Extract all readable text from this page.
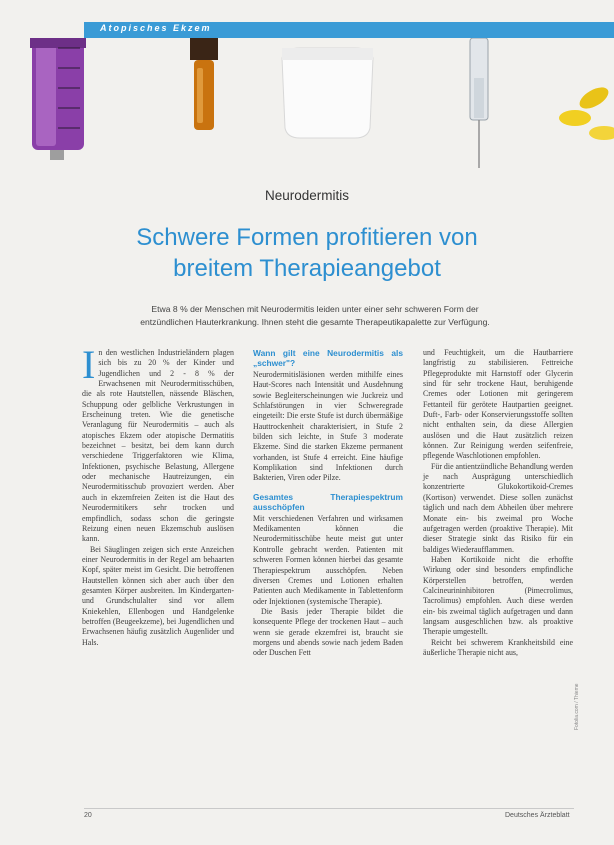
Atopisches Ekzem
Neurodermitis
Schwere Formen profitieren von
breitem Therapieangebot
Etwa 8 % der Menschen mit Neurodermitis leiden unter einer sehr schweren Form der
entzündlichen Hauterkrankung. Ihnen steht die gesamte Therapeutikapalette zur Verfügung.
I n den westlichen Industrieländern plagen sich bis zu 20 % der Kinder und Jugendlichen und 2 - 8 % der Erwachsenen mit Neurodermitisschüben, die als rote Hautstellen, nässende Bläschen, Schuppung oder gelbliche Verkrustungen in Erscheinung treten. Wie die genetische Veranlagung für Neurodermitis – auch als atopisches Ekzem oder atopische Dermatitis bezeichnet – besitzt, bei dem kann durch verschiedene Triggerfaktoren wie Klima, Infektionen, psychische Belastung, Allergene oder mechanische Hautreizungen, ein Neurodermitisschub provoziert werden. Aber auch in ekzemfreien Zeiten ist die Haut des Neurodermitikers sehr trocken und empfindlich, sodass schon die geringste Reizung einen neuen Ekzemschub auslösen kann.

Bei Säuglingen zeigen sich erste Anzeichen einer Neurodermitis in der Regel am behaarten Kopf, später meist im Gesicht. Die betroffenen Hautstellen können sich aber auch über den gesamten Körper ausbreiten. Im Kindergarten- und Grundschulalter sind vor allem Kniekehlen, Ellenbogen und Handgelenke betroffen (Beugeekzeme), bei Jugendlichen und Erwachsenen häufig zusätzlich Augenlider und Hals.

Wann gilt eine Neurodermitis als „schwer"?

Neurodermitisläsionen werden mithilfe eines Haut-Scores nach Intensität und Ausdehnung sowie Begleiterscheinungen wie Juckreiz und Schlafstörungen in vier Schweregrade eingeteilt: Die erste Stufe ist durch übermäßige Hauttrockenheit charakterisiert, in Stufe 2 bilden sich leichte, in Stufe 3 moderate Ekzeme. Sind die starken Ekzeme permanent vorhanden, ist Stufe 4 erreicht. Eine häufige Komplikation sind Infektionen durch Bakterien, Viren oder Pilze.

Gesamtes Therapiespektrum ausschöpfen

Mit verschiedenen Verfahren und wirksamen Medikamenten können die Neurodermitisschübe heute meist gut unter Kontrolle gebracht werden. Patienten mit schweren Formen können hierbei das gesamte Therapiespektrum ausschöpfen. Neben diversen Cremes und Lotionen erhalten Patienten auch Medikamente in Tablettenform oder Injektionen (systemische Therapie).

Die Basis jeder Therapie bildet die konsequente Pflege der trockenen Haut – auch wenn sie gerade ekzemfrei ist, braucht sie morgens und abends sowie nach jedem Baden oder Duschen Fett

und Feuchtigkeit, um die Hautbarriere langfristig zu stabilisieren. Fettreiche Pflegeprodukte mit Harnstoff oder Glycerin sind für sehr trockene Haut, beruhigende Cremes oder Lotionen mit geringerem Fettanteil für gerötete Hautpartien geeignet. Duft-, Farb- oder Konservierungsstoffe sollten nicht enthalten sein, da diese Allergien auslösen und die Haut zusätzlich reizen können. Zur Reinigung werden seifenfreie, pflegende Waschlotionen empfohlen.

Für die antientzündliche Behandlung werden je nach Ausprägung unterschiedlich konzentrierte Glukokortikoid-Cremes (Kortison) verwendet. Diese sollen zunächst täglich und nach dem Abheilen über mehrere Monate ein- bis zweimal pro Woche aufgetragen werden (proaktive Therapie). Mit dieser Strategie sinkt das Risiko für ein baldiges Wiederaufflammen.

Haben Kortikoide nicht die erhoffte Wirkung oder sind besonders empfindliche Körperstellen betroffen, werden Calcineurininhibitoren (Pimecrolimus, Tacrolimus) empfohlen. Auch diese werden ein- bis zweimal täglich aufgetragen und dann langsam ausgeschlichen bzw. als proaktive Therapie umgestellt.

Reicht bei schwerem Krankheitsbild eine äußerliche Therapie nicht aus,

Fotolia.com / Thieme
20	Deutsches Ärzteblatt
